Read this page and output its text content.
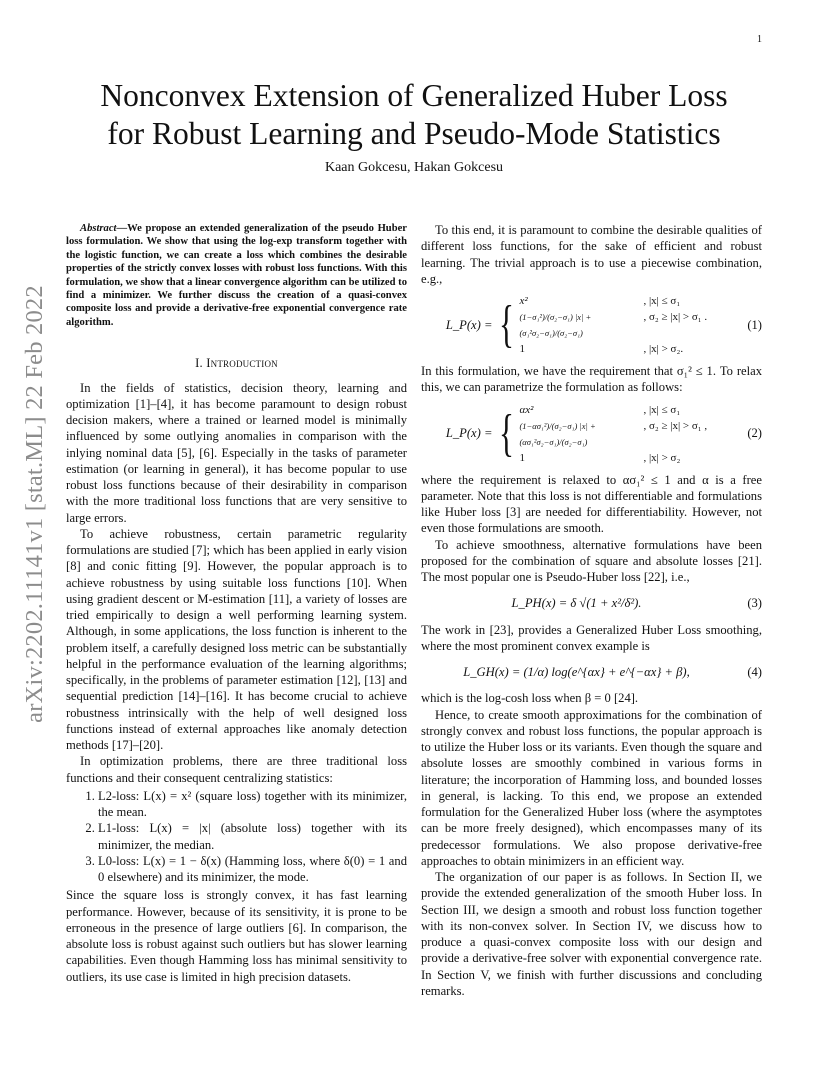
1
arXiv:2202.11141v1 [stat.ML] 22 Feb 2022
Nonconvex Extension of Generalized Huber Loss
for Robust Learning and Pseudo-Mode Statistics
Kaan Gokcesu, Hakan Gokcesu

Abstract—We propose an extended generalization of the pseudo Huber loss formulation. We show that using the log-exp transform together with the logistic function, we can create a loss which combines the desirable properties of the strictly convex losses with robust loss functions. With this formulation, we show that a linear convergence algorithm can be utilized to find a minimizer. We further discuss the creation of a quasi-convex composite loss and provide a derivative-free exponential convergence rate algorithm.

I. Introduction

In the fields of statistics, decision theory, learning and optimization [1]–[4], it has become paramount to design robust decision makers, where a trained or learned model is minimally influenced by some outlying anomalies in comparison with the inlying nominal data [5], [6]. Especially in the tasks of parameter estimation (or learning in general), it has become popular to use robust loss functions because of their desirability in comparison with the more traditional loss functions that are very sensitive to large errors.

To achieve robustness, certain parametric regularity formulations are studied [7]; which has been applied in early vision [8] and conic fitting [9]. However, the popular approach is to achieve robustness by using suitable loss functions [10]. When using gradient descent or M-estimation [11], a variety of losses are tried empirically to design a well performing learning system. Although, in some applications, the loss function is inherent to the problem itself, a carefully designed loss metric can be substantially helpful in the performance evaluation of the learning algorithms; specifically, in the problems of parameter estimation [12], [13] and sequential prediction [14]–[16]. It has become crucial to achieve robustness intrinsically with the help of well designed loss functions instead of external approaches like anomaly detection methods [17]–[20].

In optimization problems, there are three traditional loss functions and their consequent centralizing statistics:

1. L2-loss: L(x) = x² (square loss) together with its minimizer, the mean.
2. L1-loss: L(x) = |x| (absolute loss) together with its minimizer, the median.
3. L0-loss: L(x) = 1 − δ(x) (Hamming loss, where δ(0) = 1 and 0 elsewhere) and its minimizer, the mode.

Since the square loss is strongly convex, it has fast learning performance. However, because of its sensitivity, it is prone to be erroneous in the presence of large outliers [6]. In comparison, the absolute loss is robust against such outliers but has slower learning capabilities. Even though Hamming loss has minimal sensitivity to outliers, its use case is limited in high precision datasets.

To this end, it is paramount to combine the desirable qualities of different loss functions, for the sake of efficient and robust learning. The trivial approach is to use a piecewise combination, e.g.,

L_P(x) = { x²	, |x| ≤ σ₁
(1−σ₁²)/(σ₂−σ₁) |x| + (σ₁²σ₂−σ₁)/(σ₂−σ₁)
, σ₂ ≥ |x| > σ₁ .
1	, |x| > σ₂.
(1)

In this formulation, we have the requirement that σ₁² ≤ 1. To relax this, we can parametrize the formulation as follows:

L_P(x) = { αx²	, |x| ≤ σ₁
(1−ασ₁²)/(σ₂−σ₁) |x| + (ασ₁²σ₂−σ₁)/(σ₂−σ₁)
, σ₂ ≥ |x| > σ₁ ,
1	, |x| > σ₂
(2)

where the requirement is relaxed to ασ₁² ≤ 1 and α is a free parameter. Note that this loss is not differentiable and formulations like Huber loss [3] are needed for differentiability. However, not even those formulations are smooth.

To achieve smoothness, alternative formulations have been proposed for the combination of square and absolute losses [21]. The most popular one is Pseudo-Huber loss [22], i.e.,

L_PH(x) = δ √(1 + x²/δ²).	(3)

The work in [23], provides a Generalized Huber Loss smoothing, where the most prominent convex example is

L_GH(x) = (1/α) log(e^{αx} + e^{−αx} + β),	(4)

which is the log-cosh loss when β = 0 [24].

Hence, to create smooth approximations for the combination of strongly convex and robust loss functions, the popular approach is to utilize the Huber loss or its variants. Even though the square and absolute losses are smoothly combined in various forms in literature; the incorporation of Hamming loss, and bounded losses in general, is lacking. To this end, we propose an extended formulation for the Generalized Huber loss (where the asymptotes can be more freely designed), which encompasses many of its predecessor formulations. We also propose derivative-free approaches to obtain minimizers in an efficient way.

The organization of our paper is as follows. In Section II, we provide the extended generalization of the smooth Huber loss. In Section III, we design a smooth and robust loss function together with its non-convex solver. In Section IV, we discuss how to produce a quasi-convex composite loss with our design and provide a derivative-free solver with exponential convergence rate. In Section V, we finish with further discussions and concluding remarks.
